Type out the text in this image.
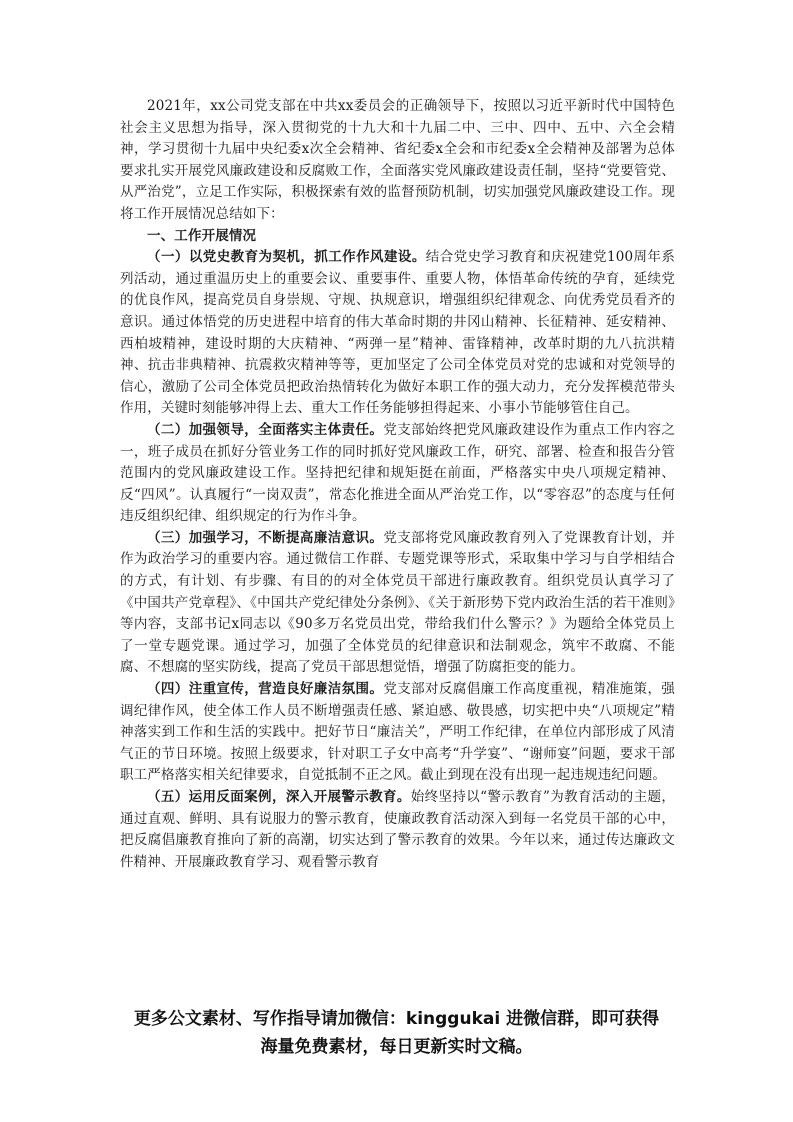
2021年，xx公司党支部在中共xx委员会的正确领导下，按照以习近平新时代中国特色社会主义思想为指导，深入贯彻党的十九大和十九届二中、三中、四中、五中、六全会精神，学习贯彻十九届中央纪委x次全会精神、省纪委x全会和市纪委x全会精神及部署为总体要求扎实开展党风廉政建设和反腐败工作，全面落实党风廉政建设责任制，坚持“党要管党、从严治党”，立足工作实际，积极探索有效的监督预防机制，切实加强党风廉政建设工作。现将工作开展情况总结如下：

一、工作开展情况

（一）以党史教育为契机，抓工作作风建设。结合党史学习教育和庆祝建党100周年系列活动，通过重温历史上的重要会议、重要事件、重要人物，体悟革命传统的孕育，延续党的优良作风，提高党员自身崇规、守规、执规意识，增强组织纪律观念、向优秀党员看齐的意识。通过体悟党的历史进程中培育的伟大革命时期的井冈山精神、长征精神、延安精神、西柏坡精神，建设时期的大庆精神、“两弹一星”精神、雷锋精神，改革时期的九八抗洪精神、抗击非典精神、抗震救灾精神等等，更加坚定了公司全体党员对党的忠诚和对党领导的信心，激励了公司全体党员把政治热情转化为做好本职工作的强大动力，充分发挥模范带头作用，关键时刻能够冲得上去、重大工作任务能够担得起来、小事小节能够管住自己。

（二）加强领导，全面落实主体责任。党支部始终把党风廉政建设作为重点工作内容之一，班子成员在抓好分管业务工作的同时抓好党风廉政工作，研究、部署、检查和报告分管范围内的党风廉政建设工作。坚持把纪律和规矩挺在前面，严格落实中央八项规定精神、反“四风”。认真履行“一岗双责”，常态化推进全面从严治党工作，以“零容忍”的态度与任何违反组织纪律、组织规定的行为作斗争。

（三）加强学习，不断提高廉洁意识。党支部将党风廉政教育列入了党课教育计划，并作为政治学习的重要内容。通过微信工作群、专题党课等形式，采取集中学习与自学相结合的方式，有计划、有步骤、有目的的对全体党员干部进行廉政教育。组织党员认真学习了《中国共产党章程》、《中国共产党纪律处分条例》、《关于新形势下党内政治生活的若干准则》等内容，支部书记x同志以《90多万名党员出党，带给我们什么警示？》为题给全体党员上了一堂专题党课。通过学习，加强了全体党员的纪律意识和法制观念，筑牢不敢腐、不能腐、不想腐的坚实防线，提高了党员干部思想觉悟，增强了防腐拒变的能力。

（四）注重宣传，营造良好廉洁氛围。党支部对反腐倡廉工作高度重视，精准施策，强调纪律作风，使全体工作人员不断增强责任感、紧迫感、敬畏感，切实把中央“八项规定”精神落实到工作和生活的实践中。把好节日“廉洁关”，严明工作纪律，在单位内部形成了风清气正的节日环境。按照上级要求，针对职工子女中高考“升学宴”、“谢师宴”问题，要求干部职工严格落实相关纪律要求，自觉抵制不正之风。截止到现在没有出现一起违规违纪问题。

（五）运用反面案例，深入开展警示教育。始终坚持以“警示教育”为教育活动的主题，通过直观、鲜明、具有说服力的警示教育，使廉政教育活动深入到每一名党员干部的心中，把反腐倡廉教育推向了新的高潮，切实达到了警示教育的效果。今年以来，通过传达廉政文件精神、开展廉政教育学习、观看警示教育

更多公文素材、写作指导请加微信：kinggukai 进微信群，即可获得
海量免费素材，每日更新实时文稿。
